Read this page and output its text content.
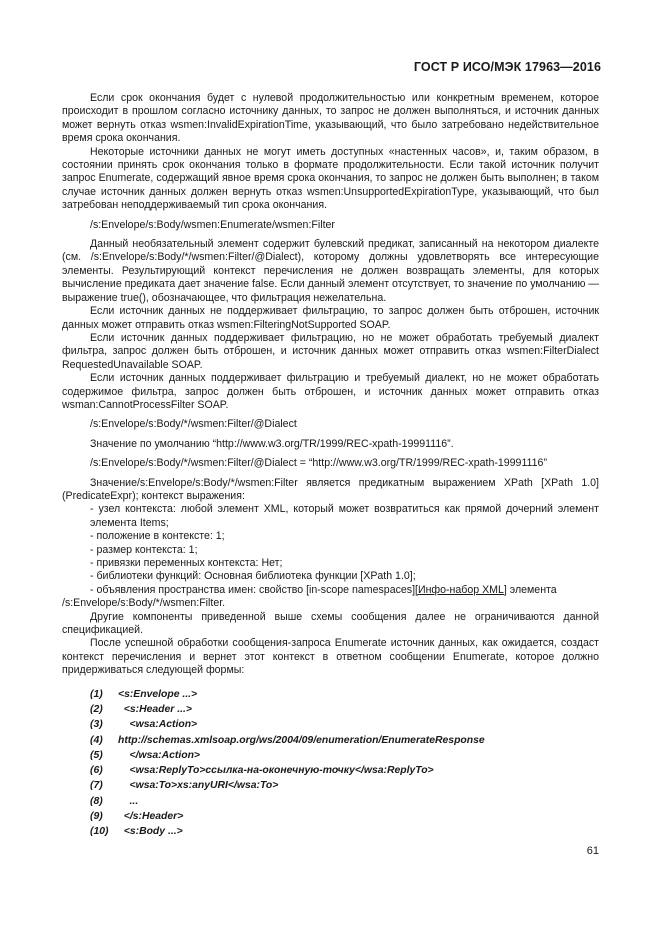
ГОСТ Р ИСО/МЭК 17963—2016

Если срок окончания будет с нулевой продолжительностью или конкретным временем, которое происходит в прошлом согласно источнику данных, то запрос не должен выполняться, и источник данных может вернуть отказ wsmen:InvalidExpirationTime, указывающий, что было затребовано недействительное время срока окончания.

Некоторые источники данных не могут иметь доступных «настенных часов», и, таким образом, в состоянии принять срок окончания только в формате продолжительности. Если такой источник получит запрос Enumerate, содержащий явное время срока окончания, то запрос не должен быть выполнен; в таком случае источник данных должен вернуть отказ wsmen:UnsupportedExpirationType, указывающий, что был затребован неподдерживаемый тип срока окончания.

/s:Envelope/s:Body/wsmen:Enumerate/wsmen:Filter

Данный необязательный элемент содержит булевский предикат, записанный на некотором диалекте (см. /s:Envelope/s:Body/*/wsmen:Filter/@Dialect), которому должны удовлетворять все интересующие элементы. Результирующий контекст перечисления не должен возвращать элементы, для которых вычисление предиката дает значение false. Если данный элемент отсутствует, то значение по умолчанию — выражение true(), обозначающее, что фильтрация нежелательна.

Если источник данных не поддерживает фильтрацию, то запрос должен быть отброшен, источник данных может отправить отказ wsmen:FilteringNotSupported SOAP.

Если источник данных поддерживает фильтрацию, но не может обработать требуемый диалект фильтра, запрос должен быть отброшен, и источник данных может отправить отказ wsmen:FilterDialect RequestedUnavailable SOAP.

Если источник данных поддерживает фильтрацию и требуемый диалект, но не может обработать содержимое фильтра, запрос должен быть отброшен, и источник данных может отправить отказ wsman:CannotProcessFilter SOAP.

/s:Envelope/s:Body/*/wsmen:Filter/@Dialect

Значение по умолчанию “http://www.w3.org/TR/1999/REC-xpath-19991116”.

/s:Envelope/s:Body/*/wsmen:Filter/@Dialect = “http://www.w3.org/TR/1999/REC-xpath-19991116”

Значение/s:Envelope/s:Body/*/wsmen:Filter является предикатным выражением XPath [XPath 1.0] (PredicateExpr); контекст выражения:

- узел контекста: любой элемент XML, который может возвратиться как прямой дочерний элемент элемента Items;

- положение в контексте: 1;

- размер контекста: 1;

- привязки переменных контекста: Нет;

- библиотеки функций: Основная библиотека функции [XPath 1.0];

- объявления пространства имен: свойство [in-scope namespaces][Инфо-набор XML] элемента

/s:Envelope/s:Body/*/wsmen:Filter.

Другие компоненты приведенной выше схемы сообщения далее не ограничиваются данной спецификацией.

После успешной обработки сообщения-запроса Enumerate источник данных, как ожидается, создаст контекст перечисления и вернет этот контекст в ответном сообщении Enumerate, которое должно придерживаться следующей формы:

(1) <s:Envelope ...>
(2)  <s:Header ...>
(3)    <wsa:Action>
(4) http://schemas.xmlsoap.org/ws/2004/09/enumeration/EnumerateResponse
(5)    </wsa:Action>
(6)    <wsa:ReplyTo>ссылка-на-оконечную-точку</wsa:ReplyTo>
(7)    <wsa:To>xs:anyURI</wsa:To>
(8)    ...
(9)  </s:Header>
(10)  <s:Body ...>
61
